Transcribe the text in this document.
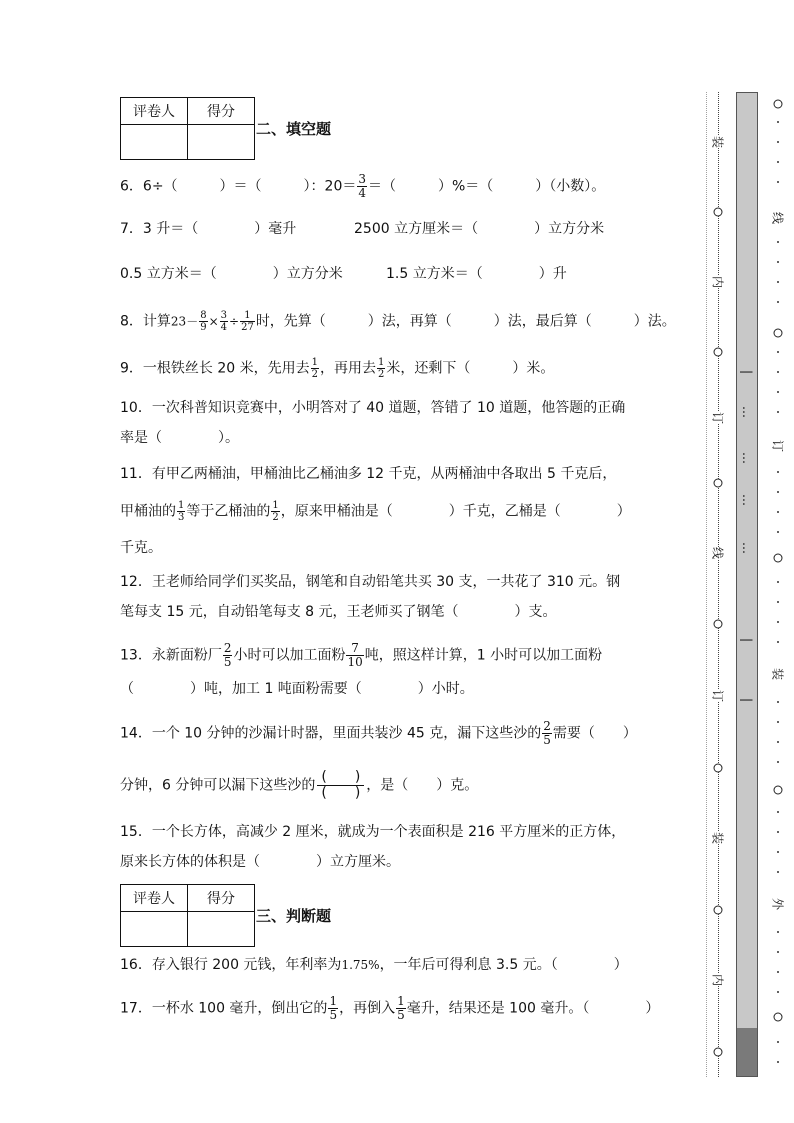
评卷人	得分

二、填空题
6．6÷（　　　）＝（　　　）：$20= \frac{3}{4}$ ＝（　　　）%＝（　　　）（小数）。
7．3 升＝（　　　　）毫升	2500 立方厘米＝（　　　　）立方分米
0.5 立方米＝（　　　　）立方分米	1.5 立方米＝（　　　　）升
8．计算$23- \frac{8}{9} \times \frac{3}{4} \div \frac{1}{27}$ 时，先算（　　　）法，再算（　　　）法，最后算（　　　）法。
9．一根铁丝长 20 米，先用去 $\frac{1}{2}$ ，再用去 $\frac{1}{2}$ 米，还剩下（　　　）米。
10．一次科普知识竞赛中，小明答对了 40 道题，答错了 10 道题，他答题的正确
率是（　　　　）。
11．有甲乙两桶油，甲桶油比乙桶油多 12 千克，从两桶油中各取出 5 千克后，
甲桶油的 $\frac{1}{3}$ 等于乙桶油的 $\frac{1}{2}$ ，原来甲桶油是（　　　　）千克，乙桶是（　　　　）
千克。
12．王老师给同学们买奖品，钢笔和自动铅笔共买 30 支，一共花了 310 元。钢
笔每支 15 元，自动铅笔每支 8 元，王老师买了钢笔（　　　　）支。
13．永新面粉厂 $\frac{2}{5}$ 小时可以加工面粉 $\frac{7}{10}$ 吨，照这样计算，1 小时可以加工面粉
（　　　　）吨，加工 1 吨面粉需要（　　　　）小时。
14．一个 10 分钟的沙漏计时器，里面共装沙 45 克，漏下这些沙的 $\frac{2}{5}$ 需要（　　）
分钟，6 分钟可以漏下这些沙的
(　　)
(　　) ，是（　　）克。
15．一个长方体，高减少 2 厘米，就成为一个表面积是 216 平方厘米的正方体，
原来长方体的体积是（　　　　）立方厘米。
评卷人	得分

三、判断题
16．存入银行 200 元钱，年利率为1.75%，一年后可得利息 3.5 元。（　　　　）
17．一杯水 100 毫升，倒出它的 $\frac{1}{5}$ ，再倒入 $\frac{1}{5}$ 毫升，结果还是 100 毫升。（　　　　）
装
内
订
线
订
装
内
|
…
…
…
…
|
|
线
订
装
外
